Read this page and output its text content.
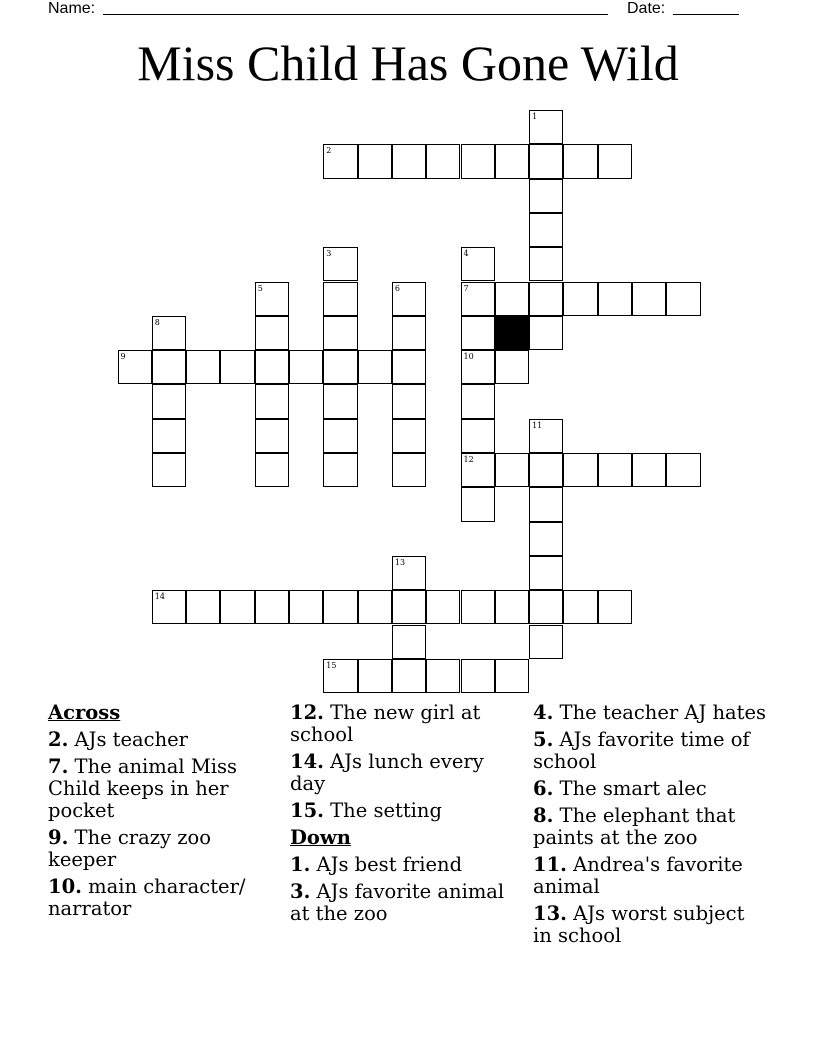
Name:	Date:
Miss Child Has Gone Wild
1
2
3	4
5	6	7
8
9	10
11
12
13
14
15
Across
2. AJs teacher
7. The animal Miss Child keeps in her pocket
9. The crazy zoo keeper
10. main character/ narrator
12. The new girl at school
14. AJs lunch every day
15. The setting
Down
1. AJs best friend
3. AJs favorite animal at the zoo
4. The teacher AJ hates
5. AJs favorite time of school
6. The smart alec
8. The elephant that paints at the zoo
11. Andrea's favorite animal
13. AJs worst subject in school
